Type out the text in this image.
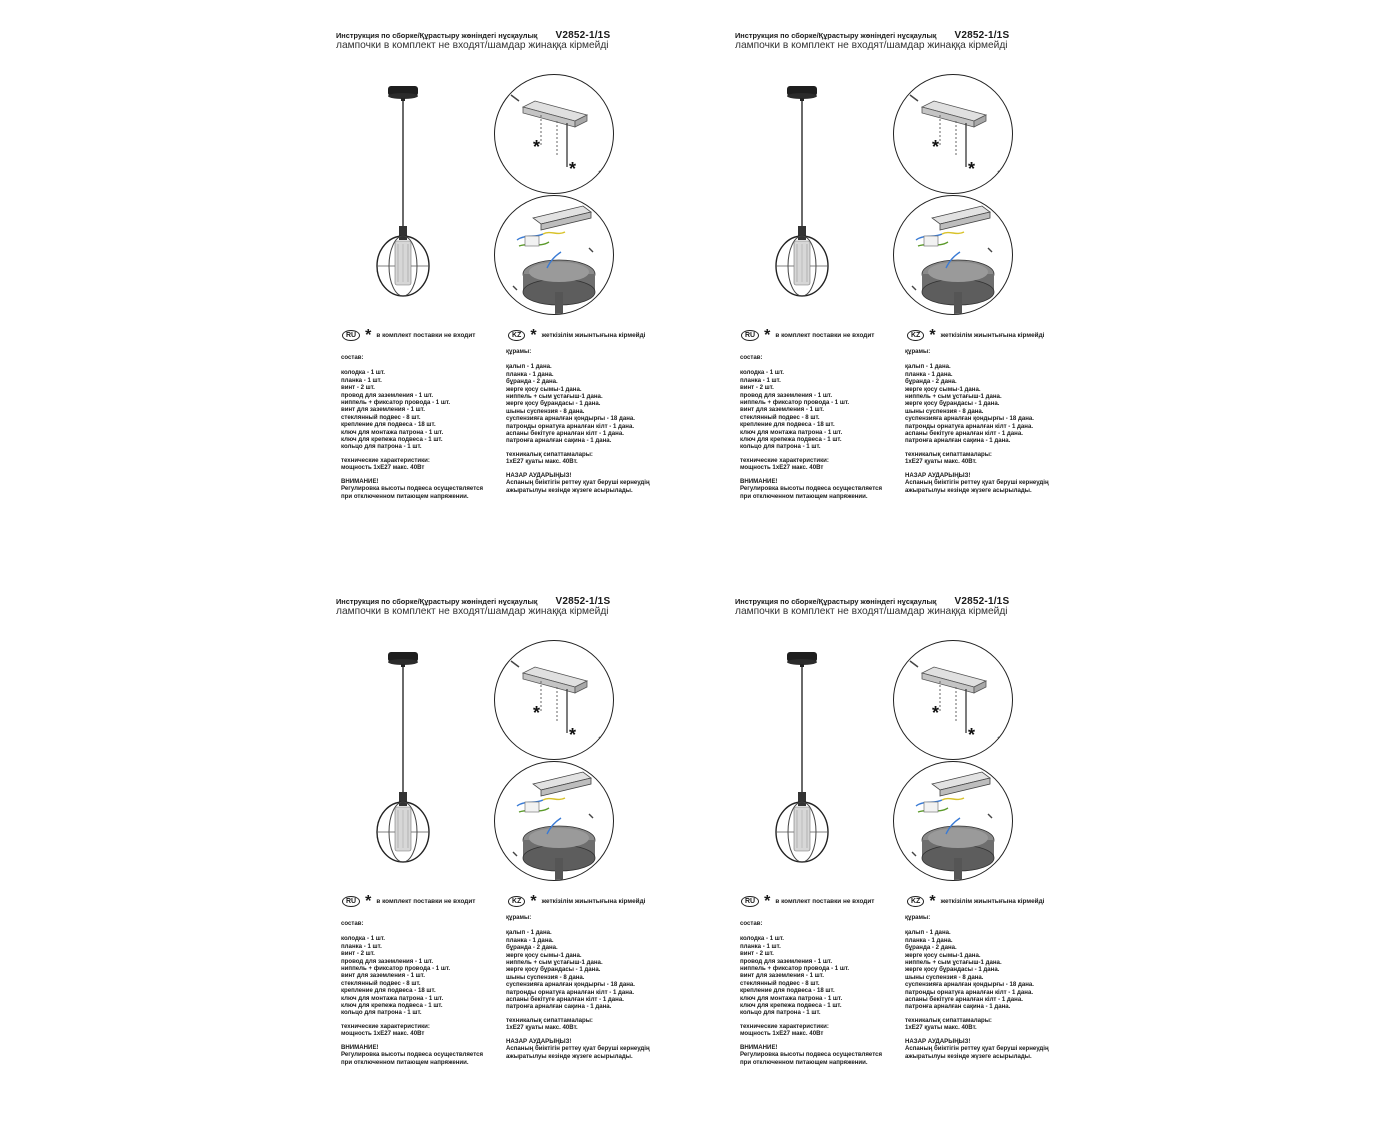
Инструкция по сборке/Құрастыру жөніндегі нұсқаулық V2852-1/1S
лампочки в комплект не входят/шамдар жинаққа кірмейді
*
*
RU * в комплект поставки не входит	KZ * жеткізілім жиынтығына кірмейді
состав:
колодка - 1 шт.
планка - 1 шт.
винт - 2 шт.
провод для заземления - 1 шт.
ниппель + фиксатор провода - 1 шт.
винт для заземления - 1 шт.
стеклянный подвес - 8 шт.
крепление для подвеса - 18 шт.
ключ для монтажа патрона - 1 шт.
ключ для крепежа подвеса - 1 шт.
кольцо для патрона - 1 шт.
технические характеристики:
мощность 1хЕ27 макс. 40Вт
ВНИМАНИЕ!
Регулировка высоты подвеса осуществляется
при отключенном питающем напряжении.
құрамы:
қалып - 1 дана.
планка - 1 дана.
бұранда - 2 дана.
жерге қосу сымы-1 дана.
ниппель + сым ұстағыш-1 дана.
жерге қосу бұрандасы - 1 дана.
шыны суспензия - 8 дана.
суспензияға арналған қондырғы - 18 дана.
патронды орнатуға арналған кілт - 1 дана.
аспаны бекітуге арналған кілт - 1 дана.
патронға арналған сақина - 1 дана.
техникалық сипаттамалары:
1хЕ27 қуаты макс. 40Вт.
НАЗАР АУДАРЫҢЫЗ!
Аспаның биіктігін реттеу қуат беруші кернеудің
ажыратылуы кезінде жүзеге асырылады.
Инструкция по сборке/Құрастыру жөніндегі нұсқаулық V2852-1/1S
лампочки в комплект не входят/шамдар жинаққа кірмейді
*
*
RU * в комплект поставки не входит	KZ * жеткізілім жиынтығына кірмейді
состав:
колодка - 1 шт.
планка - 1 шт.
винт - 2 шт.
провод для заземления - 1 шт.
ниппель + фиксатор провода - 1 шт.
винт для заземления - 1 шт.
стеклянный подвес - 8 шт.
крепление для подвеса - 18 шт.
ключ для монтажа патрона - 1 шт.
ключ для крепежа подвеса - 1 шт.
кольцо для патрона - 1 шт.
технические характеристики:
мощность 1хЕ27 макс. 40Вт
ВНИМАНИЕ!
Регулировка высоты подвеса осуществляется
при отключенном питающем напряжении.
құрамы:
қалып - 1 дана.
планка - 1 дана.
бұранда - 2 дана.
жерге қосу сымы-1 дана.
ниппель + сым ұстағыш-1 дана.
жерге қосу бұрандасы - 1 дана.
шыны суспензия - 8 дана.
суспензияға арналған қондырғы - 18 дана.
патронды орнатуға арналған кілт - 1 дана.
аспаны бекітуге арналған кілт - 1 дана.
патронға арналған сақина - 1 дана.
техникалық сипаттамалары:
1хЕ27 қуаты макс. 40Вт.
НАЗАР АУДАРЫҢЫЗ!
Аспаның биіктігін реттеу қуат беруші кернеудің
ажыратылуы кезінде жүзеге асырылады.
Инструкция по сборке/Құрастыру жөніндегі нұсқаулық V2852-1/1S
лампочки в комплект не входят/шамдар жинаққа кірмейді
*
*
RU * в комплект поставки не входит	KZ * жеткізілім жиынтығына кірмейді
состав:
колодка - 1 шт.
планка - 1 шт.
винт - 2 шт.
провод для заземления - 1 шт.
ниппель + фиксатор провода - 1 шт.
винт для заземления - 1 шт.
стеклянный подвес - 8 шт.
крепление для подвеса - 18 шт.
ключ для монтажа патрона - 1 шт.
ключ для крепежа подвеса - 1 шт.
кольцо для патрона - 1 шт.
технические характеристики:
мощность 1хЕ27 макс. 40Вт
ВНИМАНИЕ!
Регулировка высоты подвеса осуществляется
при отключенном питающем напряжении.
құрамы:
қалып - 1 дана.
планка - 1 дана.
бұранда - 2 дана.
жерге қосу сымы-1 дана.
ниппель + сым ұстағыш-1 дана.
жерге қосу бұрандасы - 1 дана.
шыны суспензия - 8 дана.
суспензияға арналған қондырғы - 18 дана.
патронды орнатуға арналған кілт - 1 дана.
аспаны бекітуге арналған кілт - 1 дана.
патронға арналған сақина - 1 дана.
техникалық сипаттамалары:
1хЕ27 қуаты макс. 40Вт.
НАЗАР АУДАРЫҢЫЗ!
Аспаның биіктігін реттеу қуат беруші кернеудің
ажыратылуы кезінде жүзеге асырылады.
Инструкция по сборке/Құрастыру жөніндегі нұсқаулық V2852-1/1S
лампочки в комплект не входят/шамдар жинаққа кірмейді
*
*
RU * в комплект поставки не входит	KZ * жеткізілім жиынтығына кірмейді
состав:
колодка - 1 шт.
планка - 1 шт.
винт - 2 шт.
провод для заземления - 1 шт.
ниппель + фиксатор провода - 1 шт.
винт для заземления - 1 шт.
стеклянный подвес - 8 шт.
крепление для подвеса - 18 шт.
ключ для монтажа патрона - 1 шт.
ключ для крепежа подвеса - 1 шт.
кольцо для патрона - 1 шт.
технические характеристики:
мощность 1хЕ27 макс. 40Вт
ВНИМАНИЕ!
Регулировка высоты подвеса осуществляется
при отключенном питающем напряжении.
құрамы:
қалып - 1 дана.
планка - 1 дана.
бұранда - 2 дана.
жерге қосу сымы-1 дана.
ниппель + сым ұстағыш-1 дана.
жерге қосу бұрандасы - 1 дана.
шыны суспензия - 8 дана.
суспензияға арналған қондырғы - 18 дана.
патронды орнатуға арналған кілт - 1 дана.
аспаны бекітуге арналған кілт - 1 дана.
патронға арналған сақина - 1 дана.
техникалық сипаттамалары:
1хЕ27 қуаты макс. 40Вт.
НАЗАР АУДАРЫҢЫЗ!
Аспаның биіктігін реттеу қуат беруші кернеудің
ажыратылуы кезінде жүзеге асырылады.
